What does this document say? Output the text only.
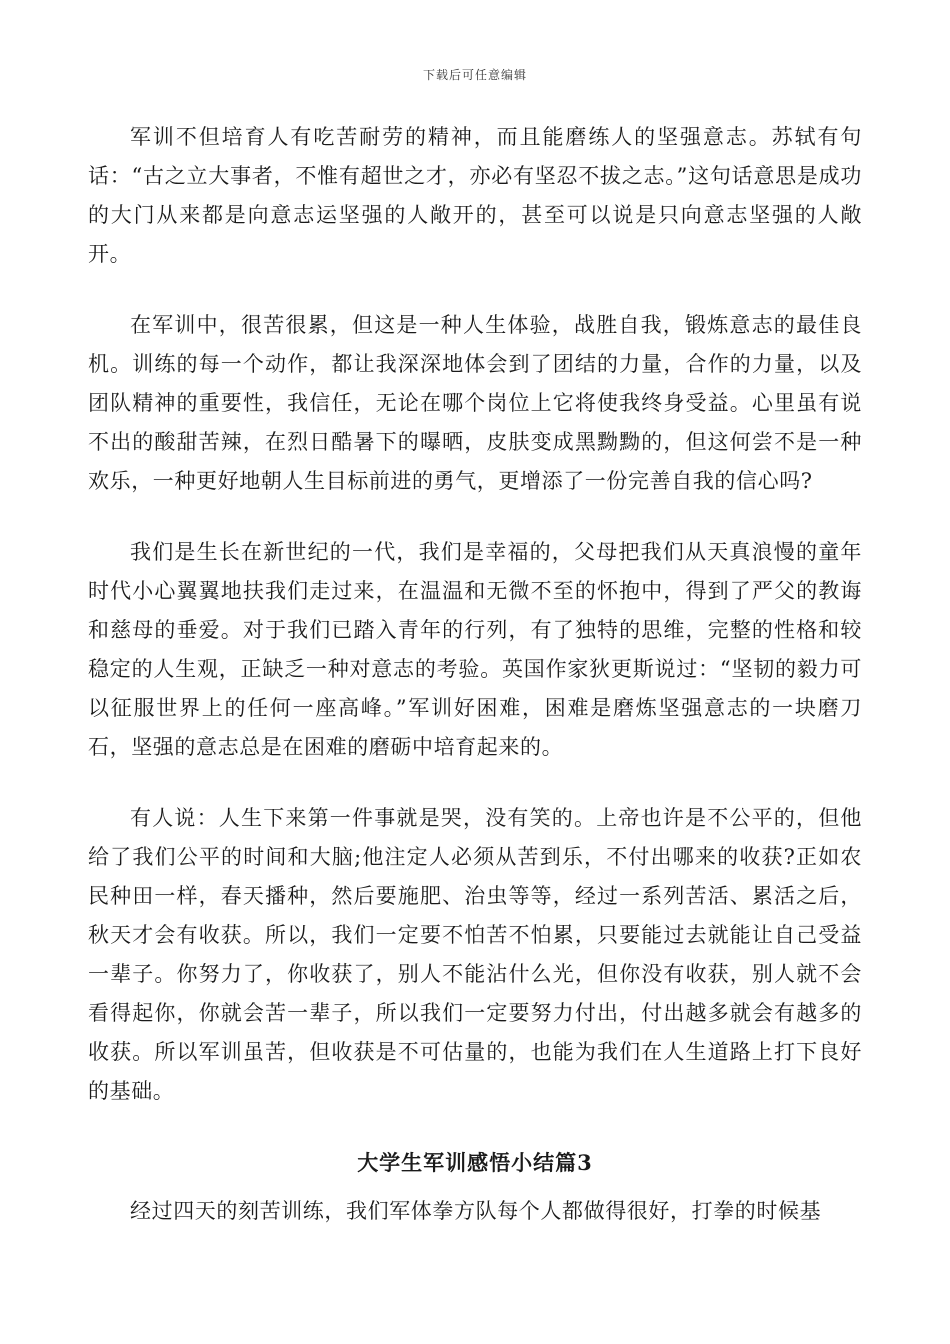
下载后可任意编辑

军训不但培育人有吃苦耐劳的精神，而且能磨练人的坚强意志。苏轼有句话：“古之立大事者，不惟有超世之才，亦必有坚忍不拔之志。”这句话意思是成功的大门从来都是向意志运坚强的人敞开的，甚至可以说是只向意志坚强的人敞开。

在军训中，很苦很累，但这是一种人生体验，战胜自我，锻炼意志的最佳良机。训练的每一个动作，都让我深深地体会到了团结的力量，合作的力量，以及团队精神的重要性，我信任，无论在哪个岗位上它将使我终身受益。心里虽有说不出的酸甜苦辣，在烈日酷暑下的曝晒，皮肤变成黑黝黝的，但这何尝不是一种欢乐，一种更好地朝人生目标前进的勇气，更增添了一份完善自我的信心吗?

我们是生长在新世纪的一代，我们是幸福的，父母把我们从天真浪慢的童年时代小心翼翼地扶我们走过来，在温温和无微不至的怀抱中，得到了严父的教诲和慈母的垂爱。对于我们已踏入青年的行列，有了独特的思维，完整的性格和较稳定的人生观，正缺乏一种对意志的考验。英国作家狄更斯说过：“坚韧的毅力可以征服世界上的任何一座高峰。”军训好困难，困难是磨炼坚强意志的一块磨刀石，坚强的意志总是在困难的磨砺中培育起来的。

有人说：人生下来第一件事就是哭，没有笑的。上帝也许是不公平的，但他给了我们公平的时间和大脑;他注定人必须从苦到乐，不付出哪来的收获?正如农民种田一样，春天播种，然后要施肥、治虫等等，经过一系列苦活、累活之后，秋天才会有收获。所以，我们一定要不怕苦不怕累，只要能过去就能让自己受益一辈子。你努力了，你收获了，别人不能沾什么光，但你没有收获，别人就不会看得起你，你就会苦一辈子，所以我们一定要努力付出，付出越多就会有越多的收获。所以军训虽苦，但收获是不可估量的，也能为我们在人生道路上打下良好的基础。

大学生军训感悟小结篇3

经过四天的刻苦训练，我们军体拳方队每个人都做得很好，打拳的时候基
